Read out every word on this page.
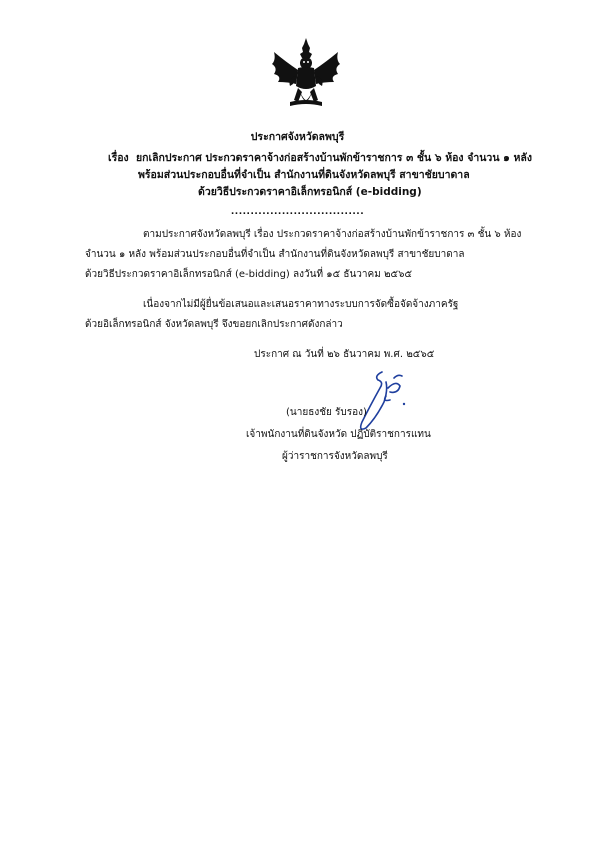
ประกาศจังหวัดลพบุรี
เรื่อง ยกเลิกประกาศ ประกวดราคาจ้างก่อสร้างบ้านพักข้าราชการ ๓ ชั้น ๖ ห้อง จำนวน ๑ หลัง
พร้อมส่วนประกอบอื่นที่จำเป็น สำนักงานที่ดินจังหวัดลพบุรี สาขาชัยบาดาล
ด้วยวิธีประกวดราคาอิเล็กทรอนิกส์ (e-bidding)
..................................
ตามประกาศจังหวัดลพบุรี เรื่อง ประกวดราคาจ้างก่อสร้างบ้านพักข้าราชการ ๓ ชั้น ๖ ห้อง
จำนวน ๑ หลัง พร้อมส่วนประกอบอื่นที่จำเป็น สำนักงานที่ดินจังหวัดลพบุรี สาขาชัยบาดาล
ด้วยวิธีประกวดราคาอิเล็กทรอนิกส์ (e-bidding) ลงวันที่ ๑๕ ธันวาคม ๒๕๖๕
เนื่องจากไม่มีผู้ยื่นข้อเสนอและเสนอราคาทางระบบการจัดซื้อจัดจ้างภาครัฐ
ด้วยอิเล็กทรอนิกส์ จังหวัดลพบุรี จึงขอยกเลิกประกาศดังกล่าว
ประกาศ ณ วันที่ ๒๖ ธันวาคม พ.ศ. ๒๕๖๕
(นายธงชัย รับรอง)
เจ้าพนักงานที่ดินจังหวัด ปฏิบัติราชการแทน
ผู้ว่าราชการจังหวัดลพบุรี
